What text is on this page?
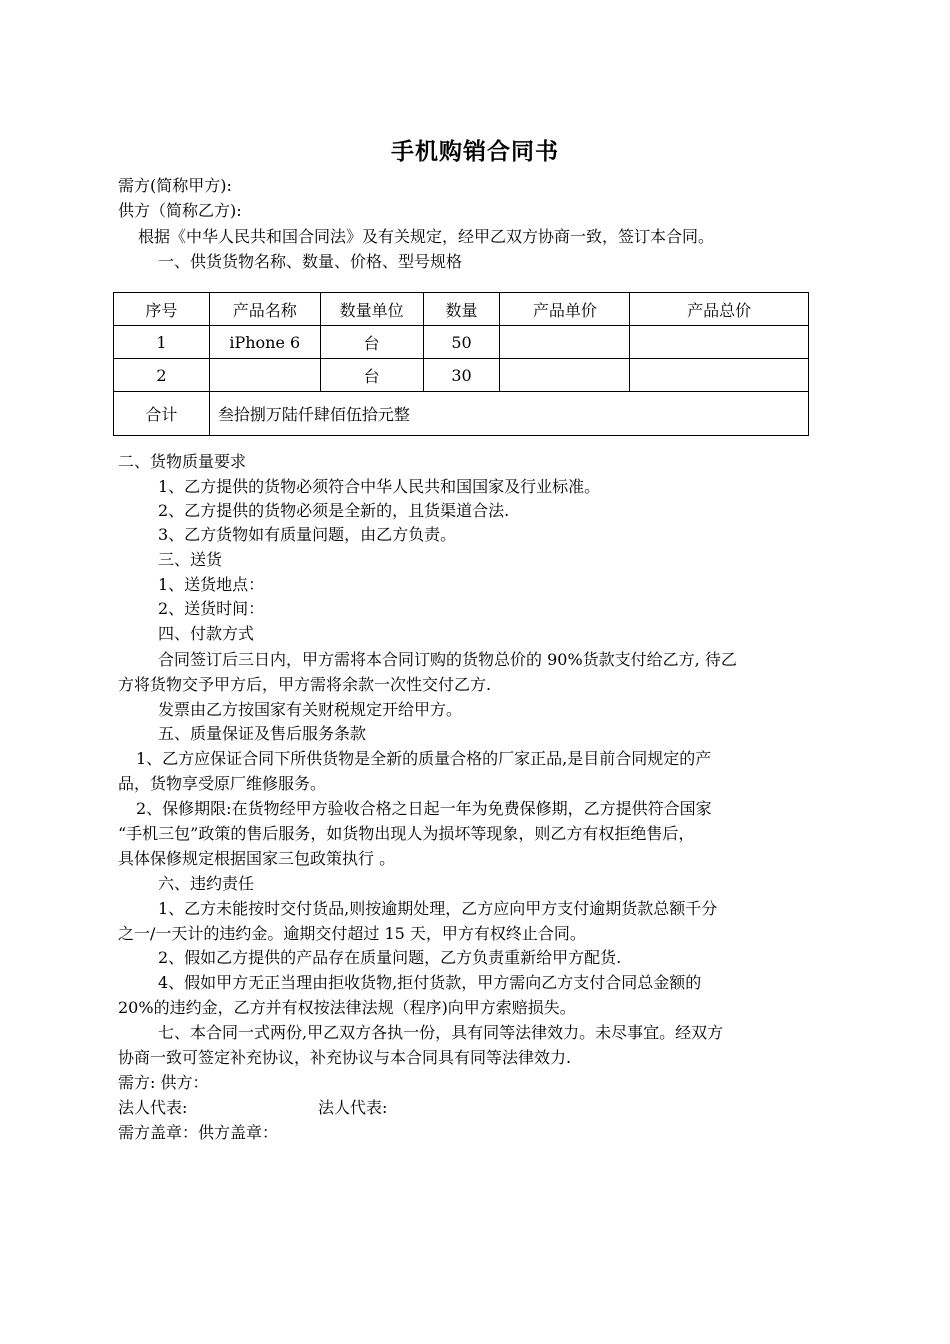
手机购销合同书
需方(简称甲方):
供方（简称乙方):
根据《中华人民共和国合同法》及有关规定，经甲乙双方协商一致，签订本合同。
一、供货货物名称、数量、价格、型号规格
序号	产品名称	数量单位	数量	产品单价	产品总价
1	iPhone 6	台	50		
2		台	30		
合计	叁拾捌万陆仟肆佰伍拾元整				
二、货物质量要求
1、乙方提供的货物必须符合中华人民共和国国家及行业标准。
2、乙方提供的货物必须是全新的，且货渠道合法.
3、乙方货物如有质量问题，由乙方负责。
三、送货
1、送货地点：
2、送货时间：
四、付款方式
合同签订后三日内，甲方需将本合同订购的货物总价的 90%货款支付给乙方, 待乙
方将货物交予甲方后，甲方需将余款一次性交付乙方.
发票由乙方按国家有关财税规定开给甲方。
五、质量保证及售后服务条款
1、乙方应保证合同下所供货物是全新的质量合格的厂家正品,是目前合同规定的产
品，货物享受原厂维修服务。
2、保修期限:在货物经甲方验收合格之日起一年为免费保修期，乙方提供符合国家
“手机三包”政策的售后服务，如货物出现人为损坏等现象，则乙方有权拒绝售后，
具体保修规定根据国家三包政策执行 。
六、违约责任
1、乙方未能按时交付货品,则按逾期处理，乙方应向甲方支付逾期货款总额千分
之一/一天计的违约金。逾期交付超过 15 天，甲方有权终止合同。
2、假如乙方提供的产品存在质量问题，乙方负责重新给甲方配货.
4、假如甲方无正当理由拒收货物,拒付货款，甲方需向乙方支付合同总金额的
20%的违约金，乙方并有权按法律法规（程序)向甲方索赔损失。
七、本合同一式两份,甲乙双方各执一份，具有同等法律效力。未尽事宜。经双方
协商一致可签定补充协议，补充协议与本合同具有同等法律效力.
需方: 供方：
法人代表:	法人代表:
需方盖章：供方盖章：
